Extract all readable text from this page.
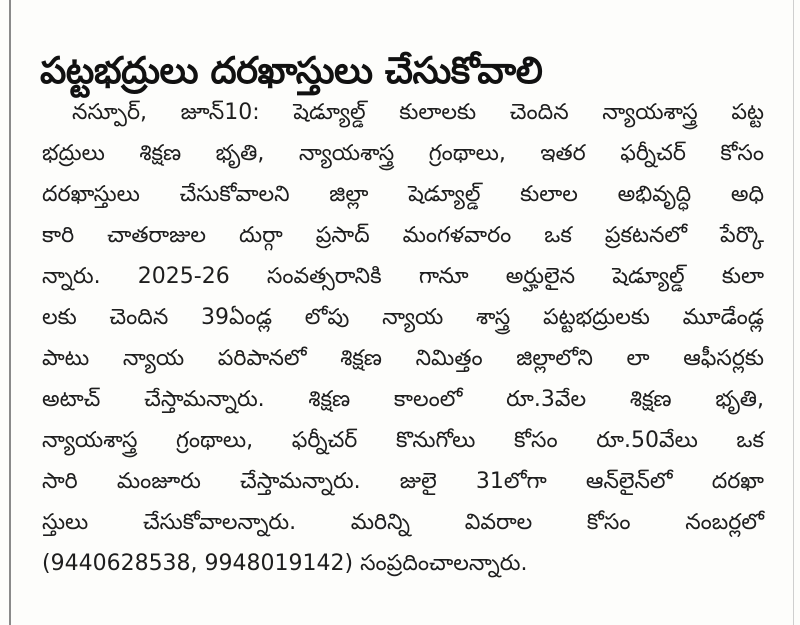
పట్టభద్రులు దరఖాస్తులు చేసుకోవాలి
నస్పూర్, జూన్10: షెడ్యూల్డ్ కులాలకు చెందిన న్యాయశాస్త్ర పట్ట
భద్రులు శిక్షణ భృతి, న్యాయశాస్త్ర గ్రంథాలు, ఇతర ఫర్నీచర్ కోసం
దరఖాస్తులు చేసుకోవాలని జిల్లా షెడ్యూల్డ్ కులాల అభివృద్ధి అధి
కారి చాతరాజుల దుర్గా ప్రసాద్ మంగళవారం ఒక ప్రకటనలో పేర్కొ
న్నారు. 2025-26 సంవత్సరానికి గానూ అర్హులైన షెడ్యూల్డ్ కులా
లకు చెందిన 39ఏండ్ల లోపు న్యాయ శాస్త్ర పట్టభద్రులకు మూడేండ్ల
పాటు న్యాయ పరిపానలో శిక్షణ నిమిత్తం జిల్లాలోని లా ఆఫీసర్లకు
అటాచ్ చేస్తామన్నారు. శిక్షణ కాలంలో రూ.3వేల శిక్షణ భృతి,
న్యాయశాస్త్ర గ్రంథాలు, ఫర్నీచర్ కొనుగోలు కోసం రూ.50వేలు ఒక
సారి మంజూరు చేస్తామన్నారు. జులై 31లోగా ఆన్‌లైన్‌లో దరఖా
స్తులు చేసుకోవాలన్నారు. మరిన్ని వివరాల కోసం నంబర్లలో
(9440628538, 9948019142) సంప్రదించాలన్నారు.
